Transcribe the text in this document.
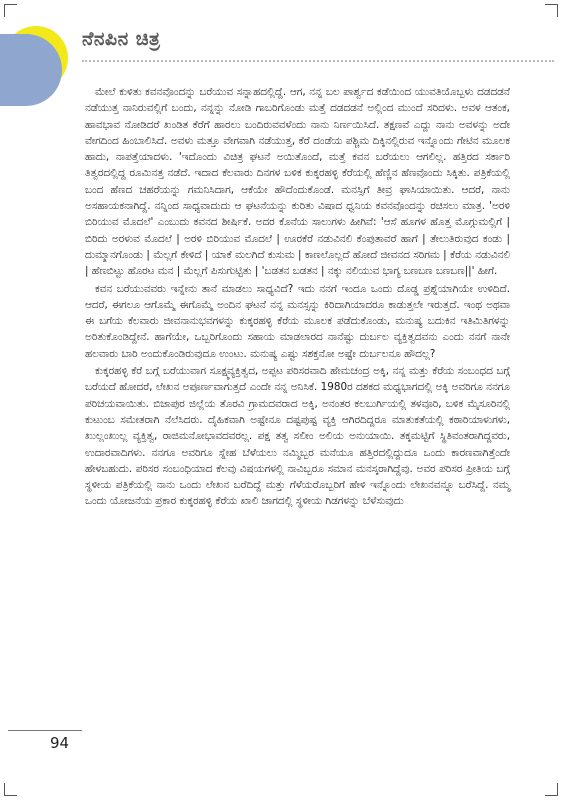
ನೆನಪಿನ ಚಿತ್ರ

ಮೇಲೆ ಕುಳಿತು ಕವನವೊಂದನ್ನು ಬರೆಯುವ ಸನ್ನಾಹದಲ್ಲಿದ್ದೆ. ಆಗ, ನನ್ನ ಬಲ ಪಾರ್ಶ್ವದ ಕಡೆಯಿಂದ ಯುವತಿಯೊಬ್ಬಳು ದಡದಡನೆ ನಡೆಯುತ್ತ ನಾನಿರುವಲ್ಲಿಗೆ ಬಂದು, ನನ್ನನ್ನು ನೋಡಿ ಗಾಬರಿಗೊಂಡು ಮತ್ತೆ ದಡದಡನೆ ಅಲ್ಲಿಂದ ಮುಂದೆ ಸರಿದಳು. ಅವಳ ಆತಂಕ, ಹಾವಭಾವ ನೋಡಿದರೆ ಖಂಡಿತ ಕೆರೆಗೆ ಹಾರಲು ಬಂದಿರುವವಳೆಂದು ನಾನು ನಿರ್ಣಯಿಸಿದೆ. ತಕ್ಷಣವೆ ಎದ್ದು ನಾನು ಅವಳನ್ನು ಅದೇ ವೇಗದಿಂದ ಹಿಂಬಾಲಿಸಿದೆ. ಅವಳು ಮತ್ತೂ ವೇಗವಾಗಿ ನಡೆಯುತ್ತ, ಕೆರೆ ದಂಡೆಯ ಪಶ್ಚಿಮ ದಿಕ್ಕಿನಲ್ಲಿರುವ ಇನ್ನೊಂದು ಗೇಟಿನ ಮೂಲಕ ಹಾದು, ನಾಪತ್ತೆಯಾದಳು. 'ಇದೊಂದು ವಿಚಿತ್ರ ಘಟನೆ ಅಯಿತೊಂದೆ, ಮತ್ತೆ ಕವನ ಬರೆಯಲು ಆಗಲಿಲ್ಲ. ಹತ್ತಿರದ ಸರ್ಕಾರಿ ತಿತ್ವರದಲ್ಲಿದ್ದ ರೂಮಿನತ್ತ ನಡೆದೆ. ಇದಾದ ಕೆಲವಾರು ದಿನಗಳ ಬಳಿಕ ಕುಕ್ಕರಹಳ್ಳಿ ಕೆರೆಯಲ್ಲಿ ಹೆಣ್ಣಿನ ಹೆಣವೊಂದು ಸಿಕ್ಕಿತು. ಪತ್ರಿಕೆಯಲ್ಲಿ ಬಂದ ಹೆಣದ ಚಹರೆಯನ್ನು ಗಮನಿಸಿದಾಗ, ಆಕೆಯೇ ಹೌದೆಂದುಕೊಂಡೆ. ಮನಸ್ಸಿಗೆ ತೀವ್ರ ಘಾಸಿಯಾಯಿತು. ಆದರೆ, ನಾನು ಅಸಹಾಯಕನಾಗಿದ್ದೆ. ನನ್ನಿಂದ ಸಾಧ್ಯವಾದುದು ಆ ಘಟನೆಯನ್ನು ಕುರಿತು ವಿಷಾದ ಧ್ವನಿಯ ಕವನವೊಂದನ್ನು ರಚಿಸಲು ಮಾತ್ರ. 'ಅರಳಿ ಬಿರಿಯುವ ಮೊದಲೆ' ಎಂಬುದು ಕವನದ ಶೀರ್ಷಿಕೆ. ಅದರ ಕೊನೆಯ ಸಾಲುಗಳು ಹೀಗಿವೆ: 'ಆಸೆ ಹೂಗಳ ಹೊತ್ತ ಮೊಗ್ಗುಮಲ್ಲಿಗೆ | ಬಿರಿದು ಅರಳುವ ಮೊದಲೆ | ಅರಳಿ ಬಿರಿಯುವ ಮೊದಲೆ | ಊರಕೆರೆ ನಡುವಿನಲಿ ಕೆಂಪುತಾವರೆ ಹಾಗೆ | ತೇಲುತಿರುವುದ ಕಂಡು | ದುಮ್ಮಾನಗೊಂಡು | ಮೆಲ್ಲಗೆ ಕೇಳಿದೆ | ಯಾಕೆ ಮಲಗಿದೆ ಕುಸುಮ | ಕಾಣಲೊಲ್ಲದೆ ಹೋದೆ ಜೀವನದ ಸರಿಗಮ | ಕೆರೆಯ ನಡುವಿನಲಿ | ಹೆಣಬಿಟ್ಟು ಹೊರಟ ಮನ | ಮೆಲ್ಲಗೆ ಪಿಸುಗುಟ್ಟಿತು | 'ಬಡತನ ಬಡತನ | ನಕ್ಕು ನಲಿಯುವ ಭಾಗ್ಯ ಬಣಬಣ ಬಣಬಣ||' ಹೀಗೆ.

ಕವನ ಬರೆಯುವವರು ಇನ್ನೇನು ತಾನೆ ಮಾಡಲು ಸಾಧ್ಯವಿದೆ? ಇದು ನನಗೆ ಇಂದೂ ಒಂದು ದೊಡ್ಡ ಪ್ರಶ್ನೆಯಾಗಿಯೇ ಉಳಿದಿದೆ. ಆದರೆ, ಈಗಲೂ ಆಗೊಮ್ಮೆ ಈಗೊಮ್ಮೆ ಅಂದಿನ ಘಟನೆ ನನ್ನ ಮನಸ್ಸನ್ನು ಕಿರಿದಾಗಿಯಾದರೂ ಕಾಡುತ್ತಲೇ ಇರುತ್ತದೆ. ಇಂಥ ಅಥವಾ ಈ ಬಗೆಯ ಕೆಲವಾರು ಜೀವನಾನುಭವಗಳನ್ನು ಕುಕ್ಕರಹಳ್ಳಿ ಕೆರೆಯ ಮೂಲಕ ಪಡೆದುಕೊಂಡು, ಮನುಷ್ಯ ಬದುಕಿನ ಇತಿಮಿತಿಗಳನ್ನು ಅರಿತುಕೊಂಡಿದ್ದೇನೆ. ಹಾಗೆಯೇ, ಒಬ್ಬರಿಗೊಂದು ಸಹಾಯ ಮಾಡಲಾರದ ನಾನೆಷ್ಟು ದುರ್ಬಲ ವ್ಯಕ್ತಿತ್ವದವನು ಎಂದು ನನಗೆ ನಾನೇ ಹಲವಾರು ಬಾರಿ ಅಂದುಕೊಂಡಿರುವುದೂ ಉಂಟು. ಮನುಷ್ಯ ಎಷ್ಟು ಸಶಕ್ತನೋ ಅಷ್ಟೇ ದುರ್ಬಲನೂ ಹೌದಲ್ಲ?

ಕುಕ್ಕರಹಳ್ಳಿ ಕೆರೆ ಬಗ್ಗೆ ಬರೆಯುವಾಗ ಸೂಕ್ಷ್ಮವ್ಯಕ್ತಿತ್ವದ, ಅಪ್ಪಟ ಪರಿಸರವಾದಿ ಹೇಮಚಂದ್ರ ಅಕ್ಕಿ, ನನ್ನ ಮತ್ತು ಕೆರೆಯ ಸಂಬಂಧದ ಬಗ್ಗೆ ಬರೆಯದೆ ಹೋದರೆ, ಲೇಖನ ಅಪೂರ್ಣವಾಗುತ್ತದೆ ಎಂದೇ ನನ್ನ ಅನಿಸಿಕೆ. 1980ರ ದಶಕದ ಮಧ್ಯಭಾಗದಲ್ಲಿ ಅಕ್ಕಿ ಅವರಿಗೂ ನನಗೂ ಪರಿಚಯವಾಯಿತು. ಬಿಜಾಪುರ ಜಿಲ್ಲೆಯ ತೊರವಿ ಗ್ರಾಮದವರಾದ ಅಕ್ಕಿ, ಅನಂತರ ಕಲಬುರ್ಗಿಯಲ್ಲಿ ತಳವೂರಿ, ಬಳಿಕ ಮೈಸೂರಿನಲ್ಲಿ ಕುಟುಂಬ ಸಮೇತರಾಗಿ ನೆಲೆಸಿದರು. ದೈಹಿಕವಾಗಿ ಅಷ್ಟೇನೂ ದಷ್ಟಪುಷ್ಟ ವ್ಯಕ್ತಿ ಆಗಿರದಿದ್ದರೂ ಮಾತುಕತೆಯಲ್ಲಿ ಕಠಾರಿಯಾಳುಗಳು, ಖುಲ್ಲಂಖುಲ್ಲ ವ್ಯಕ್ತಿತ್ವ, ರಾಜಿಮನೋಭಾವದವರಲ್ಲ. ಪಕ್ಷ ತತ್ವ ಸಲೀಂ ಅಲಿಯ ಅನುಯಾಯಿ. ತಕ್ಕಮಟ್ಟಿಗೆ ಸ್ಥಿತಿವಂತರಾಗಿದ್ದವರು, ಉದಾರವಾದಿಗಳು. ನನಗೂ ಅವರಿಗೂ ಸ್ನೇಹ ಬೆಳೆಯಲು ನಮ್ಮಿಬ್ಬರ ಮನೆಯೂ ಹತ್ತಿರದಲ್ಲಿದ್ದುದೂ ಒಂದು ಕಾರಣವಾಗಿತ್ತೆಂದೇ ಹೇಳಬಹುದು. ಪರಿಸರ ಸಂಬಂಧಿಯಾದ ಕೆಲವು ವಿಷಯಗಳಲ್ಲಿ ನಾವಿಬ್ಬರೂ ಸಮಾನ ಮನಸ್ಕರಾಗಿದ್ದೆವು. ಅವರ ಪರಿಸರ ಪ್ರೀತಿಯ ಬಗ್ಗೆ ಸ್ಥಳೀಯ ಪತ್ರಿಕೆಯಲ್ಲಿ ನಾನು ಒಂದು ಲೇಖನ ಬರೆದಿದ್ದೆ ಮತ್ತು ಗೆಳೆಯರೊಬ್ಬರಿಗೆ ಹೇಳಿ ಇನ್ನೊಂದು ಲೇಖನವನ್ನೂ ಬರೆಸಿದ್ದೆ. ನಮ್ಮ ಒಂದು ಯೋಜನೆಯ ಪ್ರಕಾರ ಕುಕ್ಕರಹಳ್ಳಿ ಕೆರೆಯ ಖಾಲಿ ಜಾಗದಲ್ಲಿ ಸ್ಥಳೀಯ ಗಿಡಗಳನ್ನು ಬೆಳೆಸುವುದು

94
